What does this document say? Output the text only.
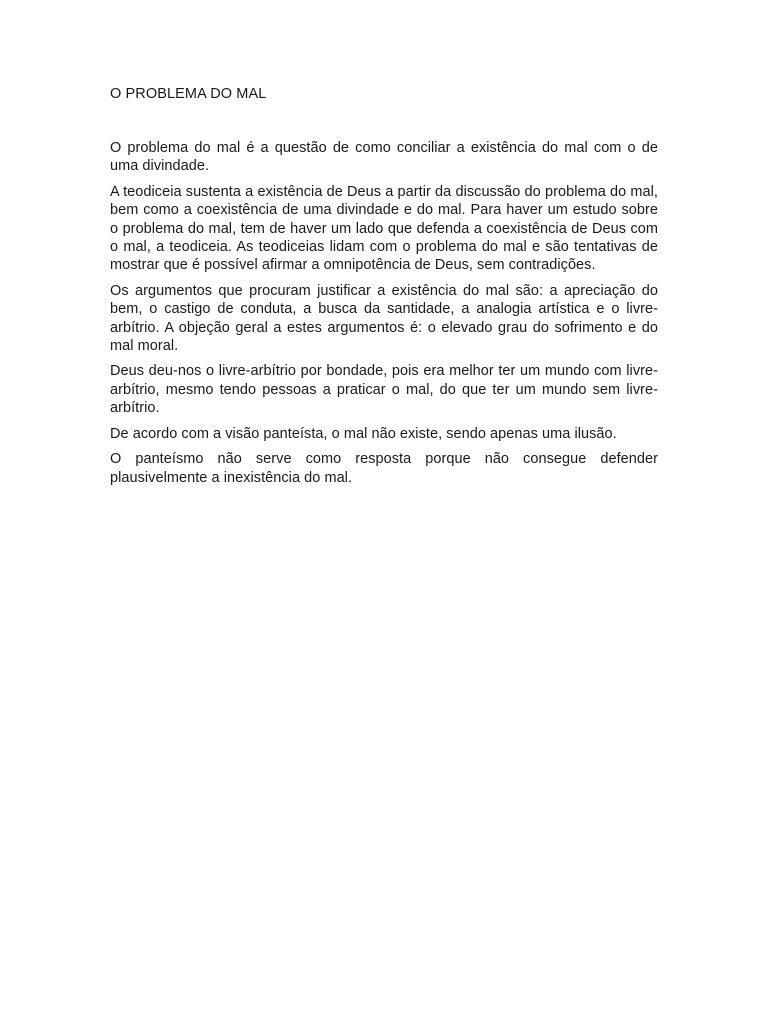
O PROBLEMA DO MAL

O problema do mal é a questão de como conciliar a existência do mal com o de uma divindade.

A teodiceia sustenta a existência de Deus a partir da discussão do problema do mal, bem como a coexistência de uma divindade e do mal. Para haver um estudo sobre o problema do mal, tem de haver um lado que defenda a coexistência de Deus com o mal, a teodiceia. As teodiceias lidam com o problema do mal e são tentativas de mostrar que é possível afirmar a omnipotência de Deus, sem contradições.

Os argumentos que procuram justificar a existência do mal são: a apreciação do bem, o castigo de conduta, a busca da santidade, a analogia artística e o livre-arbítrio. A objeção geral a estes argumentos é: o elevado grau do sofrimento e do mal moral.

Deus deu-nos o livre-arbítrio por bondade, pois era melhor ter um mundo com livre-arbítrio, mesmo tendo pessoas a praticar o mal, do que ter um mundo sem livre-arbítrio.

De acordo com a visão panteísta, o mal não existe, sendo apenas uma ilusão.

O panteísmo não serve como resposta porque não consegue defender plausivelmente a inexistência do mal.
